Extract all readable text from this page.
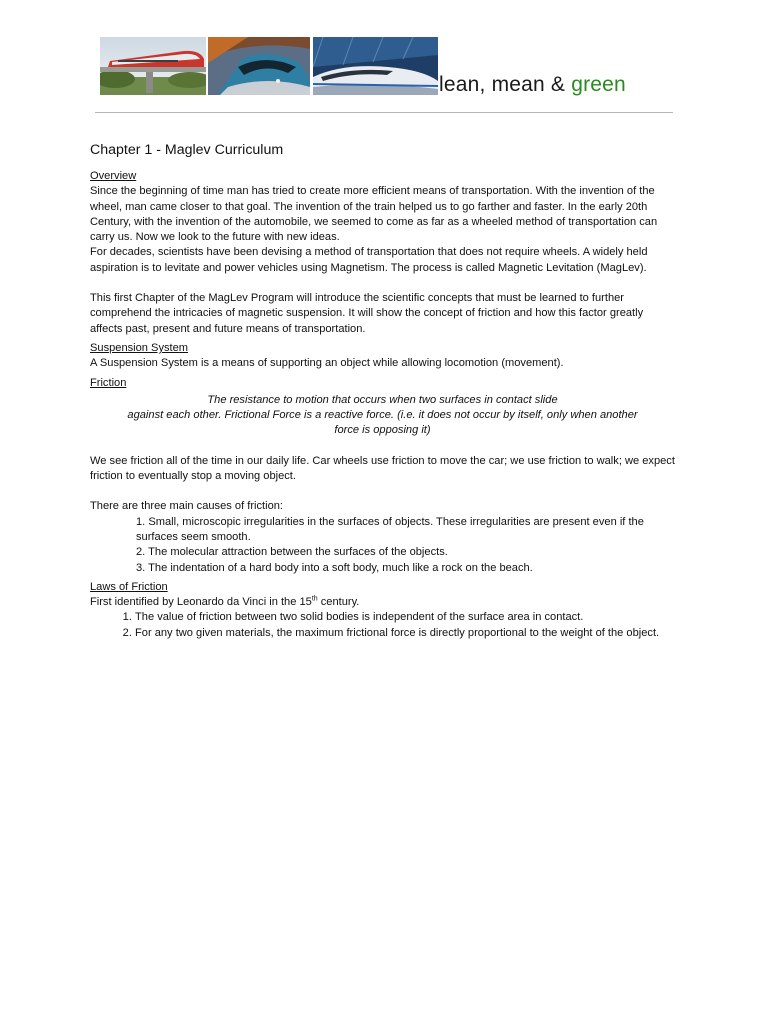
lean, mean & green
Chapter 1 - Maglev Curriculum

Overview

Since the beginning of time man has tried to create more efficient means of transportation. With the invention of the wheel, man came closer to that goal. The invention of the train helped us to go farther and faster. In the early 20th Century, with the invention of the automobile, we seemed to come as far as a wheeled method of transportation can carry us. Now we look to the future with new ideas.

For decades, scientists have been devising a method of transportation that does not require wheels. A widely held aspiration is to levitate and power vehicles using Magnetism. The process is called Magnetic Levitation (MagLev).

This first Chapter of the MagLev Program will introduce the scientific concepts that must be learned to further comprehend the intricacies of magnetic suspension. It will show the concept of friction and how this factor greatly affects past, present and future means of transportation.

Suspension System

A Suspension System is a means of supporting an object while allowing locomotion (movement).

Friction

The resistance to motion that occurs when two surfaces in contact slide
against each other. Frictional Force is a reactive force. (i.e. it does not occur by itself, only when another
force is opposing it)

We see friction all of the time in our daily life. Car wheels use friction to move the car; we use friction to walk; we expect friction to eventually stop a moving object.

There are three main causes of friction:

1. Small, microscopic irregularities in the surfaces of objects. These irregularities are present even if the surfaces seem smooth.
2. The molecular attraction between the surfaces of the objects.
3. The indentation of a hard body into a soft body, much like a rock on the beach.

Laws of Friction

First identified by Leonardo da Vinci in the 15th century.

1. The value of friction between two solid bodies is independent of the surface area in contact.
2. For any two given materials, the maximum frictional force is directly proportional to the weight of the object.
